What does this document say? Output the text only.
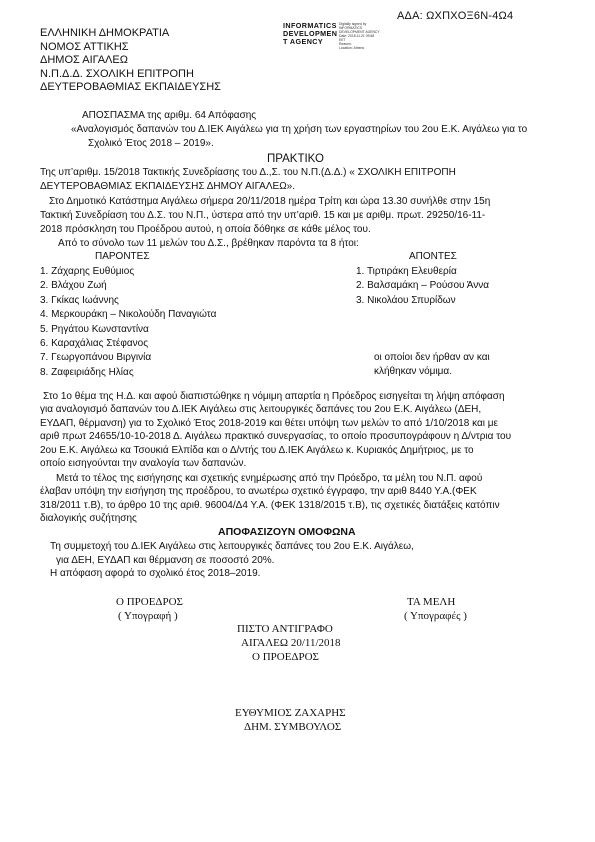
ΑΔΑ: ΩΧΠΧΟΞ6Ν-4Ω4
ΕΛΛΗΝΙΚΗ ΔΗΜΟΚΡΑΤΙΑ
ΝΟΜΟΣ ΑΤΤΙΚΗΣ
ΔΗΜΟΣ ΑΙΓΑΛΕΩ
Ν.Π.Δ.Δ. ΣΧΟΛΙΚΗ ΕΠΙΤΡΟΠΗ
ΔΕΥΤΕΡΟΒΑΘΜΙΑΣ ΕΚΠΑΙΔΕΥΣΗΣ
INFORMATICS
DEVELOPMEN
T AGENCY
Digitally signed by
INFORMATICS
DEVELOPMENT AGENCY
Date: 2018.11.21 09:58
EET
Reason:
Location: Athens
ΑΠΟΣΠΑΣΜΑ της αριθμ. 64 Απόφασης
«Αναλογισμός δαπανών του Δ.ΙΕΚ Αιγάλεω για τη χρήση των εργαστηρίων του 2ου Ε.Κ. Αιγάλεω για το
Σχολικό Έτος 2018 – 2019».
ΠΡΑΚΤΙΚΟ
Της υπ’αριθμ. 15/2018 Τακτικής Συνεδρίασης του Δ.,Σ. του Ν.Π.(Δ.Δ.) « ΣΧΟΛΙΚΗ ΕΠΙΤΡΟΠΗ
ΔΕΥΤΕΡΟΒΑΘΜΙΑΣ ΕΚΠΑΙΔΕΥΣΗΣ ΔΗΜΟΥ ΑΙΓΑΛΕΩ».
Στο Δημοτικό Κατάστημα Αιγάλεω σήμερα 20/11/2018 ημέρα Τρίτη και ώρα 13.30 συνήλθε στην 15η
Τακτική Συνεδρίαση του Δ.Σ. του Ν.Π., ύστερα από την υπ’αριθ. 15 και με αριθμ. πρωτ. 29250/16-11-
2018 πρόσκληση του Προέδρου αυτού, η οποία δόθηκε σε κάθε μέλος του.
Από το σύνολο των 11 μελών του Δ.Σ., βρέθηκαν παρόντα τα 8 ήτοι:
ΠΑΡΟΝΤΕΣ	ΑΠΟΝΤΕΣ
1. Ζάχαρης Ευθύμιος
2. Βλάχου Ζωή
3. Γκίκας Ιωάννης
4. Μερκουράκη – Νικολούδη Παναγιώτα
5. Ρηγάτου Κωνσταντίνα
6. Καραχάλιας Στέφανος
7. Γεωργοπάνου Βιργινία
8. Ζαφειριάδης Ηλίας
1. Τιρτιράκη Ελευθερία
2. Βαλσαμάκη – Ρούσου Άννα
3. Νικολάου Σπυρίδων
οι οποίοι δεν ήρθαν αν και
κλήθηκαν νόμιμα.
Στο 1ο θέμα της Η.Δ. και αφού διαπιστώθηκε η νόμιμη απαρτία η Πρόεδρος εισηγείται τη λήψη απόφαση
για αναλογισμό δαπανών του Δ.ΙΕΚ Αιγάλεω στις λειτουργικές δαπάνες του 2ου Ε.Κ. Αιγάλεω (ΔΕΗ,
ΕΥΔΑΠ, θέρμανση) για το Σχολικό Έτος 2018-2019 και θέτει υπόψη των μελών το από 1/10/2018 και με
αριθ πρωτ 24655/10-10-2018 Δ. Αιγάλεω πρακτικό συνεργασίας, το οποίο προσυπογράφουν η Δ/ντρια του
2ου Ε.Κ. Αιγάλεω κα Τσουκιά Ελπίδα και ο Δ/ντής του Δ.ΙΕΚ Αιγάλεω κ. Κυριακός Δημήτριος, με το
οποίο εισηγούνται την αναλογία των δαπανών.
Μετά το τέλος της εισήγησης και σχετικής ενημέρωσης από την Πρόεδρο, τα μέλη του Ν.Π. αφού
έλαβαν υπόψη την εισήγηση της προέδρου, το ανωτέρω σχετικό έγγραφο, την αριθ 8440 Υ.Α.(ΦΕΚ
318/2011 τ.Β), το άρθρο 10 της αριθ. 96004/Δ4 Υ.Α. (ΦΕΚ 1318/2015 τ.Β), τις σχετικές διατάξεις κατόπιν
διαλογικής συζήτησης
ΑΠΟΦΑΣΙΖΟΥΝ ΟΜΟΦΩΝΑ
Τη συμμετοχή του Δ.ΙΕΚ Αιγάλεω στις λειτουργικές δαπάνες του 2ου Ε.Κ. Αιγάλεω,
για ΔΕΗ, ΕΥΔΑΠ και θέρμανση σε ποσοστό 20%.
Η απόφαση αφορά το σχολικό έτος 2018–2019.
Ο ΠΡΟΕΔΡΟΣ
( Υπογραφή )
ΤΑ ΜΕΛΗ
( Υπογραφές )
ΠΙΣΤΟ ΑΝΤΙΓΡΑΦΟ
ΑΙΓΑΛΕΩ 20/11/2018
Ο ΠΡΟΕΔΡΟΣ
ΕΥΘΥΜΙΟΣ ΖΑΧΑΡΗΣ
ΔΗΜ. ΣΥΜΒΟΥΛΟΣ
